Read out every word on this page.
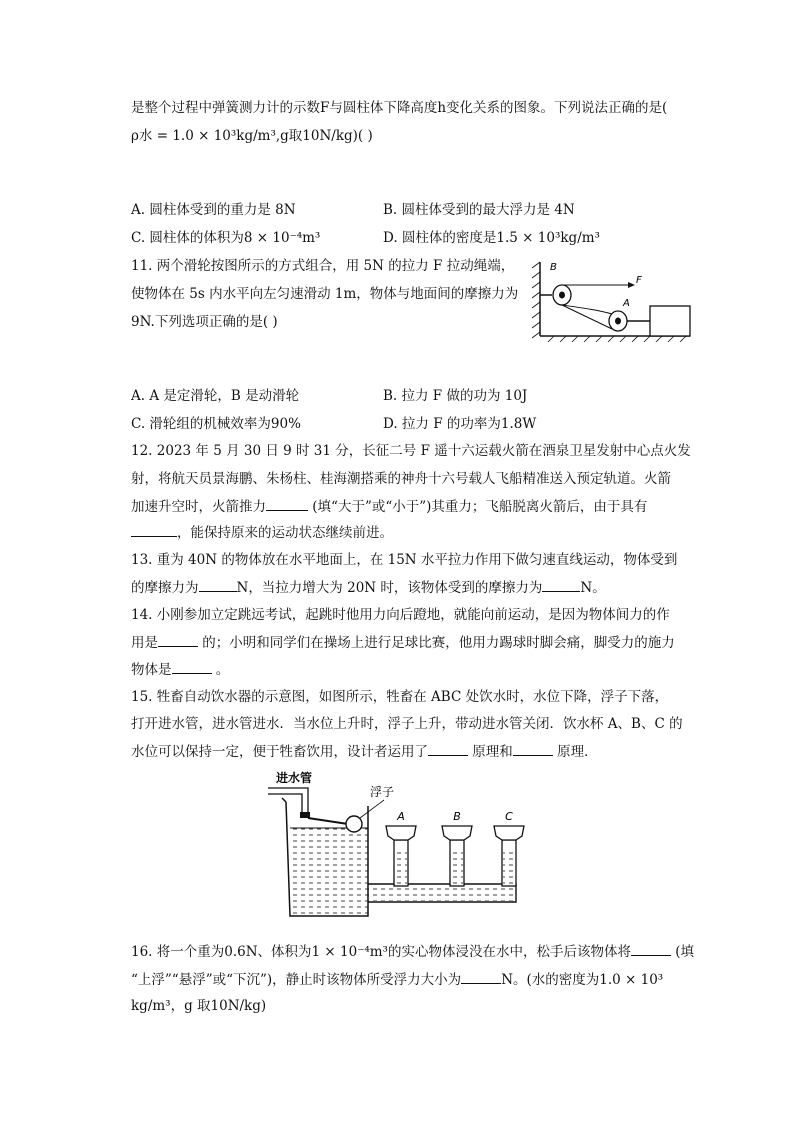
是整个过程中弹簧测力计的示数F与圆柱体下降高度h变化关系的图象。下列说法正确的是(
ρ水 = 1.0 × 10³kg/m³,g取10N/kg)( )
A. 圆柱体受到的重力是 8N	B. 圆柱体受到的最大浮力是 4N
C. 圆柱体的体积为8 × 10⁻⁴m³	D. 圆柱体的密度是1.5 × 10³kg/m³
11. 两个滑轮按图所示的方式组合，用 5N 的拉力 F 拉动绳端，
使物体在 5s 内水平向左匀速滑动 1m，物体与地面间的摩擦力为
9N.下列选项正确的是( )
B
A
F
A. A 是定滑轮，B 是动滑轮	B. 拉力 F 做的功为 10J
C. 滑轮组的机械效率为90%	D. 拉力 F 的功率为1.8W
12. 2023 年 5 月 30 日 9 时 31 分，长征二号 F 遥十六运载火箭在酒泉卫星发射中心点火发
射，将航天员景海鹏、朱杨柱、桂海潮搭乘的神舟十六号载人飞船精准送入预定轨道。火箭
加速升空时，火箭推力	(填“大于”或“小于”)其重力；飞船脱离火箭后，由于具有
，能保持原来的运动状态继续前进。
13. 重为 40N 的物体放在水平地面上，在 15N 水平拉力作用下做匀速直线运动，物体受到
的摩擦力为	N，当拉力增大为 20N 时，该物体受到的摩擦力为	N。
14. 小刚参加立定跳远考试，起跳时他用力向后蹬地，就能向前运动，是因为物体间力的作
用是	的；小明和同学们在操场上进行足球比赛，他用力踢球时脚会痛，脚受力的施力
物体是	。
15. 牲畜自动饮水器的示意图，如图所示，牲畜在 ABC 处饮水时，水位下降，浮子下落，
打开进水管，进水管进水．当水位上升时，浮子上升，带动进水管关闭．饮水杯 A、B、C 的
水位可以保持一定，便于牲畜饮用，设计者运用了	原理和	原理．
进水管
浮子
A	B	C
16. 将一个重为0.6N、体积为1 × 10⁻⁴m³的实心物体浸没在水中，松手后该物体将	(填
“上浮”“悬浮”或“下沉”)，静止时该物体所受浮力大小为	N。(水的密度为1.0 × 10³
kg/m³，g 取10N/kg)
